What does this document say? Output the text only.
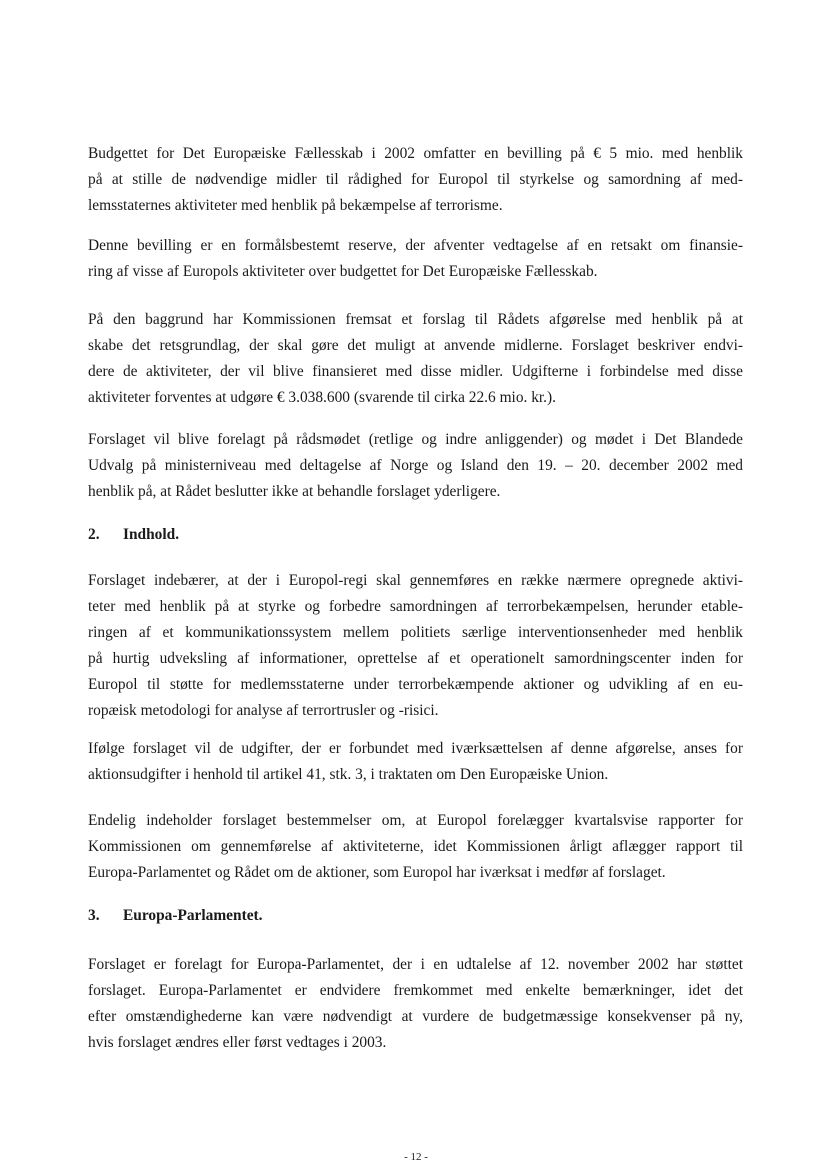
Budgettet for Det Europæiske Fællesskab i 2002 omfatter en bevilling på € 5 mio. med henblik
på at stille de nødvendige midler til rådighed for Europol til styrkelse og samordning af med-
lemsstaternes aktiviteter med henblik på bekæmpelse af terrorisme.

Denne bevilling er en formålsbestemt reserve, der afventer vedtagelse af en retsakt om finansie-
ring af visse af Europols aktiviteter over budgettet for Det Europæiske Fællesskab.

På den baggrund har Kommissionen fremsat et forslag til Rådets afgørelse med henblik på at
skabe det retsgrundlag, der skal gøre det muligt at anvende midlerne. Forslaget beskriver endvi-
dere de aktiviteter, der vil blive finansieret med disse midler. Udgifterne i forbindelse med disse
aktiviteter forventes at udgøre € 3.038.600 (svarende til cirka 22.6 mio. kr.).

Forslaget vil blive forelagt på rådsmødet (retlige og indre anliggender) og mødet i Det Blandede
Udvalg på ministerniveau med deltagelse af Norge og Island den 19. – 20. december 2002 med
henblik på, at Rådet beslutter ikke at behandle forslaget yderligere.

2. Indhold.

Forslaget indebærer, at der i Europol-regi skal gennemføres en række nærmere opregnede aktivi-
teter med henblik på at styrke og forbedre samordningen af terrorbekæmpelsen, herunder etable-
ringen af et kommunikationssystem mellem politiets særlige interventionsenheder med henblik
på hurtig udveksling af informationer, oprettelse af et operationelt samordningscenter inden for
Europol til støtte for medlemsstaterne under terrorbekæmpende aktioner og udvikling af en eu-
ropæisk metodologi for analyse af terrortrusler og -risici.

Ifølge forslaget vil de udgifter, der er forbundet med iværksættelsen af denne afgørelse, anses for
aktionsudgifter i henhold til artikel 41, stk. 3, i traktaten om Den Europæiske Union.

Endelig indeholder forslaget bestemmelser om, at Europol forelægger kvartalsvise rapporter for
Kommissionen om gennemførelse af aktiviteterne, idet Kommissionen årligt aflægger rapport til
Europa-Parlamentet og Rådet om de aktioner, som Europol har iværksat i medfør af forslaget.

3. Europa-Parlamentet.

Forslaget er forelagt for Europa-Parlamentet, der i en udtalelse af 12. november 2002 har støttet
forslaget. Europa-Parlamentet er endvidere fremkommet med enkelte bemærkninger, idet det
efter omstændighederne kan være nødvendigt at vurdere de budgetmæssige konsekvenser på ny,
hvis forslaget ændres eller først vedtages i 2003.

- 12 -
